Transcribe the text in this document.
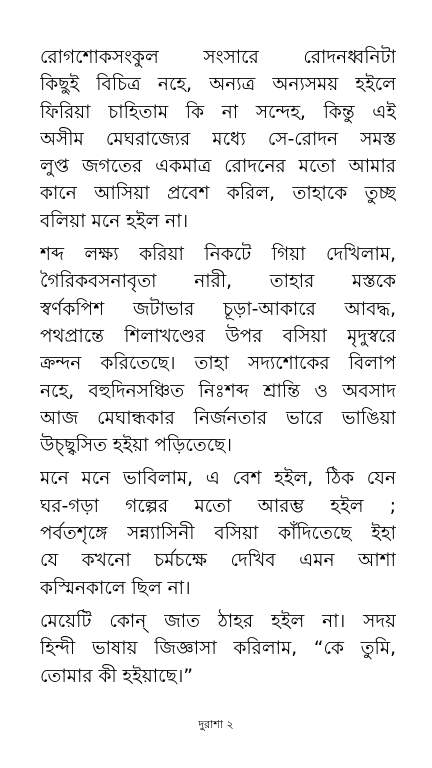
রোগশোকসংকুল সংসারে রোদনধ্বনিটা
কিছুই বিচিত্র নহে, অন্যত্র অন্যসময় হইলে
ফিরিয়া চাহিতাম কি না সন্দেহ, কিন্তু এই
অসীম মেঘরাজ্যের মধ্যে সে-রোদন সমস্ত
লুপ্ত জগতের একমাত্র রোদনের মতো আমার
কানে আসিয়া প্রবেশ করিল, তাহাকে তুচ্ছ
বলিয়া মনে হইল না।
শব্দ লক্ষ্য করিয়া নিকটে গিয়া দেখিলাম,
গৈরিকবসনাবৃতা নারী, তাহার মস্তকে
স্বর্ণকপিশ জটাভার চূড়া-আকারে আবদ্ধ,
পথপ্রান্তে শিলাখণ্ডের উপর বসিয়া মৃদুস্বরে
ক্রন্দন করিতেছে। তাহা সদ্যশোকের বিলাপ
নহে, বহুদিনসঞ্চিত নিঃশব্দ শ্রান্তি ও অবসাদ
আজ মেঘান্ধকার নির্জনতার ভারে ভাঙিয়া
উচ্ছ্বসিত হইয়া পড়িতেছে।
মনে মনে ভাবিলাম, এ বেশ হইল, ঠিক যেন
ঘর-গড়া গল্পের মতো আরম্ভ হইল ;
পর্বতশৃঙ্গে সন্ন্যাসিনী বসিয়া কাঁদিতেছে ইহা
যে কখনো চর্মচক্ষে দেখিব এমন আশা
কস্মিনকালে ছিল না।
মেয়েটি কোন্ জাত ঠাহর হইল না। সদয়
হিন্দী ভাষায় জিজ্ঞাসা করিলাম, “কে তুমি,
তোমার কী হইয়াছে।”
দুরাশা ২
